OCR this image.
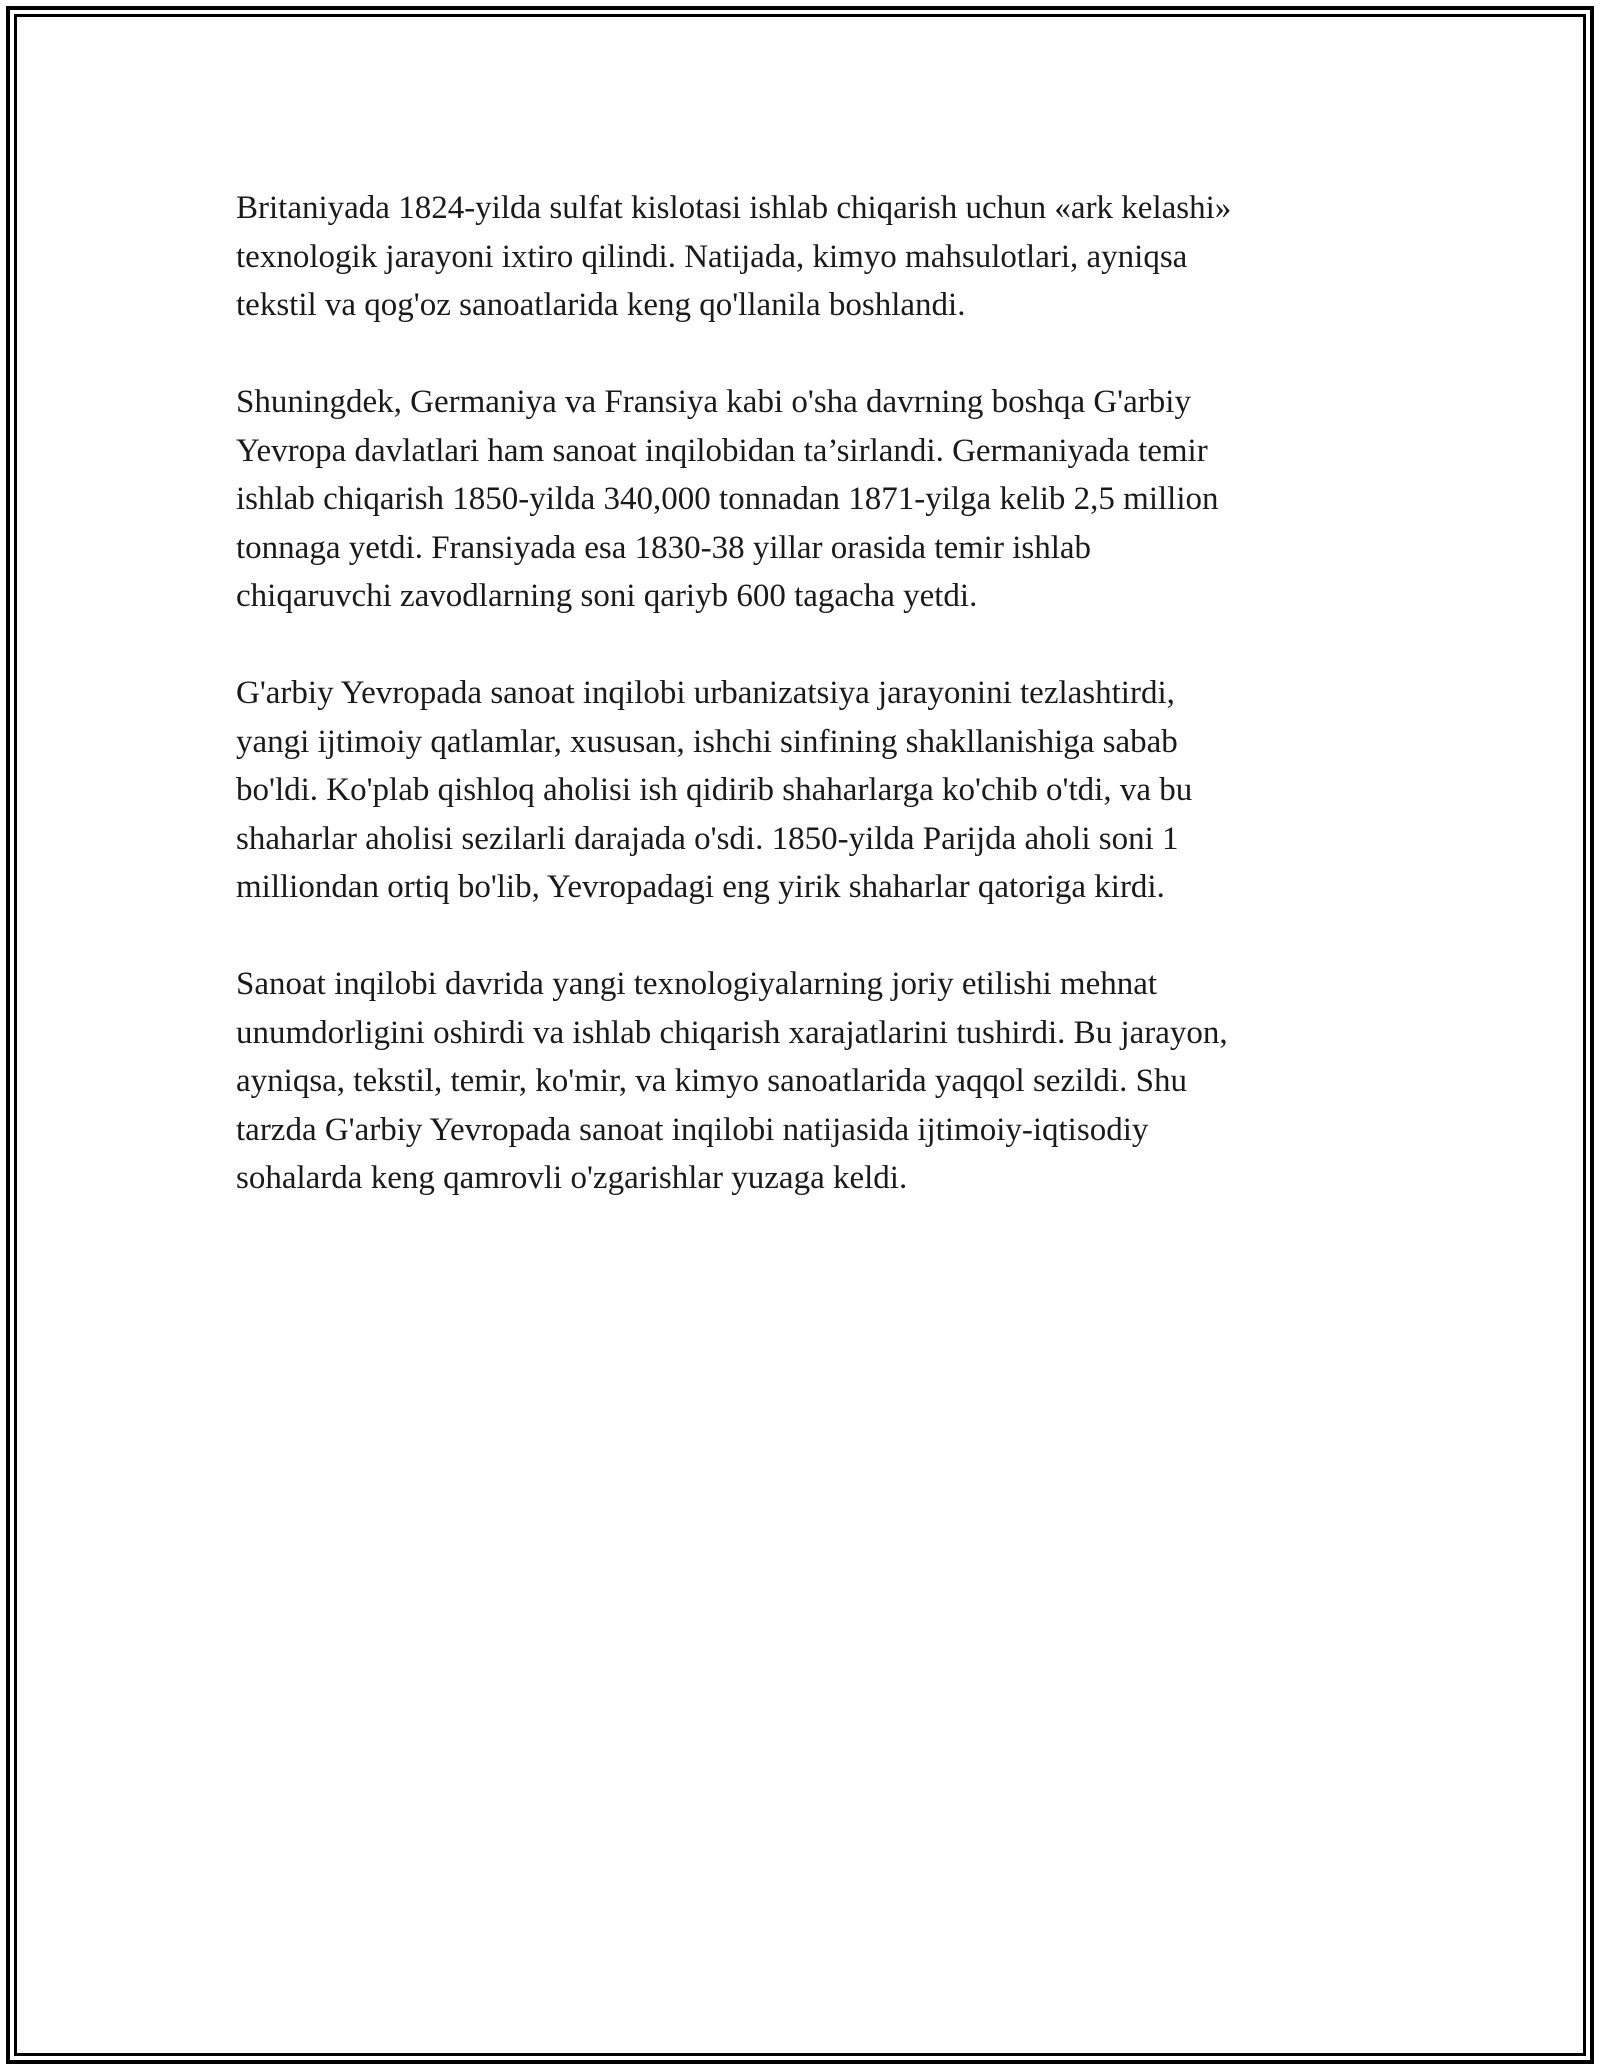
Britaniyada 1824-yilda sulfat kislotasi ishlab chiqarish uchun «ark kelashi»
texnologik jarayoni ixtiro qilindi. Natijada, kimyo mahsulotlari, ayniqsa
tekstil va qog'oz sanoatlarida keng qo'llanila boshlandi.

Shuningdek, Germaniya va Fransiya kabi o'sha davrning boshqa G'arbiy
Yevropa davlatlari ham sanoat inqilobidan ta’sirlandi. Germaniyada temir
ishlab chiqarish 1850-yilda 340,000 tonnadan 1871-yilga kelib 2,5 million
tonnaga yetdi. Fransiyada esa 1830-38 yillar orasida temir ishlab
chiqaruvchi zavodlarning soni qariyb 600 tagacha yetdi.

G'arbiy Yevropada sanoat inqilobi urbanizatsiya jarayonini tezlashtirdi,
yangi ijtimoiy qatlamlar, xususan, ishchi sinfining shakllanishiga sabab
bo'ldi. Ko'plab qishloq aholisi ish qidirib shaharlarga ko'chib o'tdi, va bu
shaharlar aholisi sezilarli darajada o'sdi. 1850-yilda Parijda aholi soni 1
milliondan ortiq bo'lib, Yevropadagi eng yirik shaharlar qatoriga kirdi.

Sanoat inqilobi davrida yangi texnologiyalarning joriy etilishi mehnat
unumdorligini oshirdi va ishlab chiqarish xarajatlarini tushirdi. Bu jarayon,
ayniqsa, tekstil, temir, ko'mir, va kimyo sanoatlarida yaqqol sezildi. Shu
tarzda G'arbiy Yevropada sanoat inqilobi natijasida ijtimoiy-iqtisodiy
sohalarda keng qamrovli o'zgarishlar yuzaga keldi.
